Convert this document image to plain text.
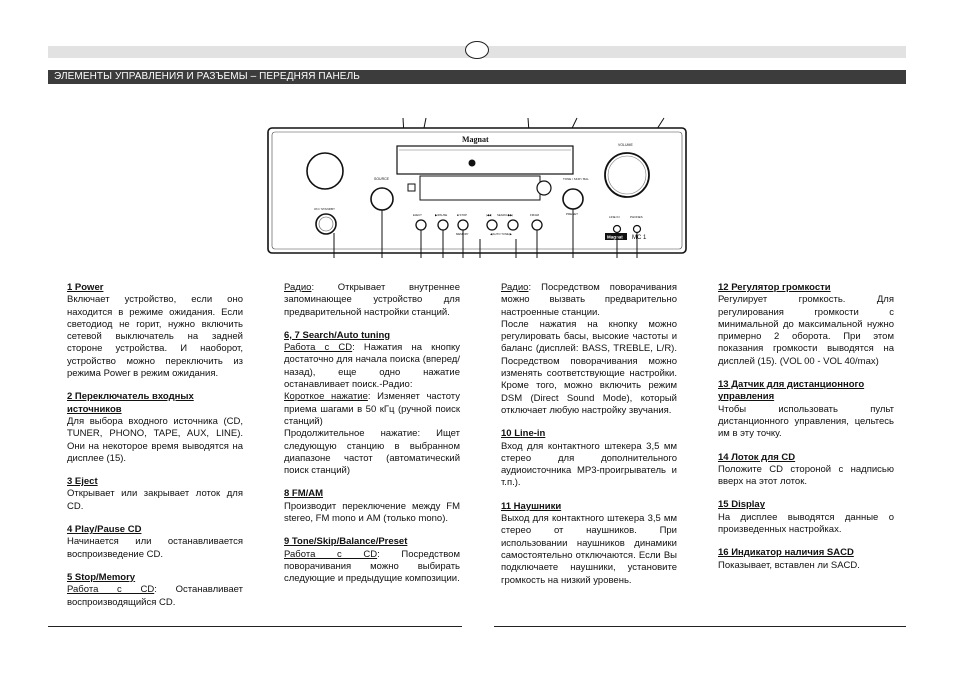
ЭЛЕМЕНТЫ УПРАВЛЕНИЯ И РАЗЪЕМЫ – ПЕРЕДНЯЯ ПАНЕЛЬ
Magnat
SOURCE
VOLUME
TONE / SKIP / BAL
PRESET
ON / STANDBY
EJECT	▶/PAUSE	■ STOP
MEMORY
|◀◀	SEARCH ▶▶|	FM/AM
◀ AUTO TUNE ▶
LINE IN	PHONES
Magnat MC 1

1 Power
Включает устройство, если оно находится в режиме ожидания. Если светодиод не горит, нужно включить сетевой выключатель на задней стороне устройства. И наоборот, устройство можно переключить из режима Power в режим ожидания.

2 Переключатель входных источников
Для выбора входного источника (CD, TUNER, PHONO, TAPE, AUX, LINE). Они на некоторое время выводятся на дисплее (15).

3 Eject
Открывает или закрывает лоток для CD.

4 Play/Pause CD
Начинается или останавливается воспроизведение CD.

5 Stop/Memory
Работа с CD: Останавливает воспроизводящийся CD.

Радио: Открывает внутреннее запоминающее устройство для предварительной настройки станций.

6, 7 Search/Auto tuning
Работа с CD: Нажатия на кнопку достаточно для начала поиска (вперед/назад), еще одно нажатие останавливает поиск.-Радио:

Короткое нажатие: Изменяет частоту приема шагами в 50 кГц (ручной поиск станций)

Продолжительное нажатие: Ищет следующую станцию в выбранном диапазоне частот (автоматический поиск станций)

8 FM/AM
Производит переключение между FM stereo, FM mono и AM (только mono).

9 Tone/Skip/Balance/Preset
Работа с CD: Посредством поворачивания можно выбирать следующие и предыдущие композиции.

Радио: Посредством поворачивания можно вызвать предварительно настроенные станции.

После нажатия на кнопку можно регулировать басы, высокие частоты и баланс (дисплей: BASS, TREBLE, L/R). Посредством поворачивания можно изменять соответствующие настройки. Кроме того, можно включить режим DSM (Direct Sound Mode), который отключает любую настройку звучания.

10 Line-in
Вход для контактного штекера 3,5 мм стерео для дополнительного аудиоисточника MP3-проигрыватель и т.п.).

11 Наушники
Выход для контактного штекера 3,5 мм стерео от наушников. При использовании наушников динамики самостоятельно отключаются. Если Вы подключаете наушники, установите громкость на низкий уровень.

12 Регулятор громкости
Регулирует громкость. Для регулирования громкости с минимальной до максимальной нужно примерно 2 оборота. При этом показания громкости выводятся на дисплей (15). (VOL 00 - VOL 40/max)

13 Датчик для дистанционного управления
Чтобы использовать пульт дистанционного управления, цельтесь им в эту точку.

14 Лоток для CD
Положите CD стороной с надписью вверх на этот лоток.

15 Display
На дисплее выводятся данные о произведенных настройках.

16 Индикатор наличия SACD
Показывает, вставлен ли SACD.
